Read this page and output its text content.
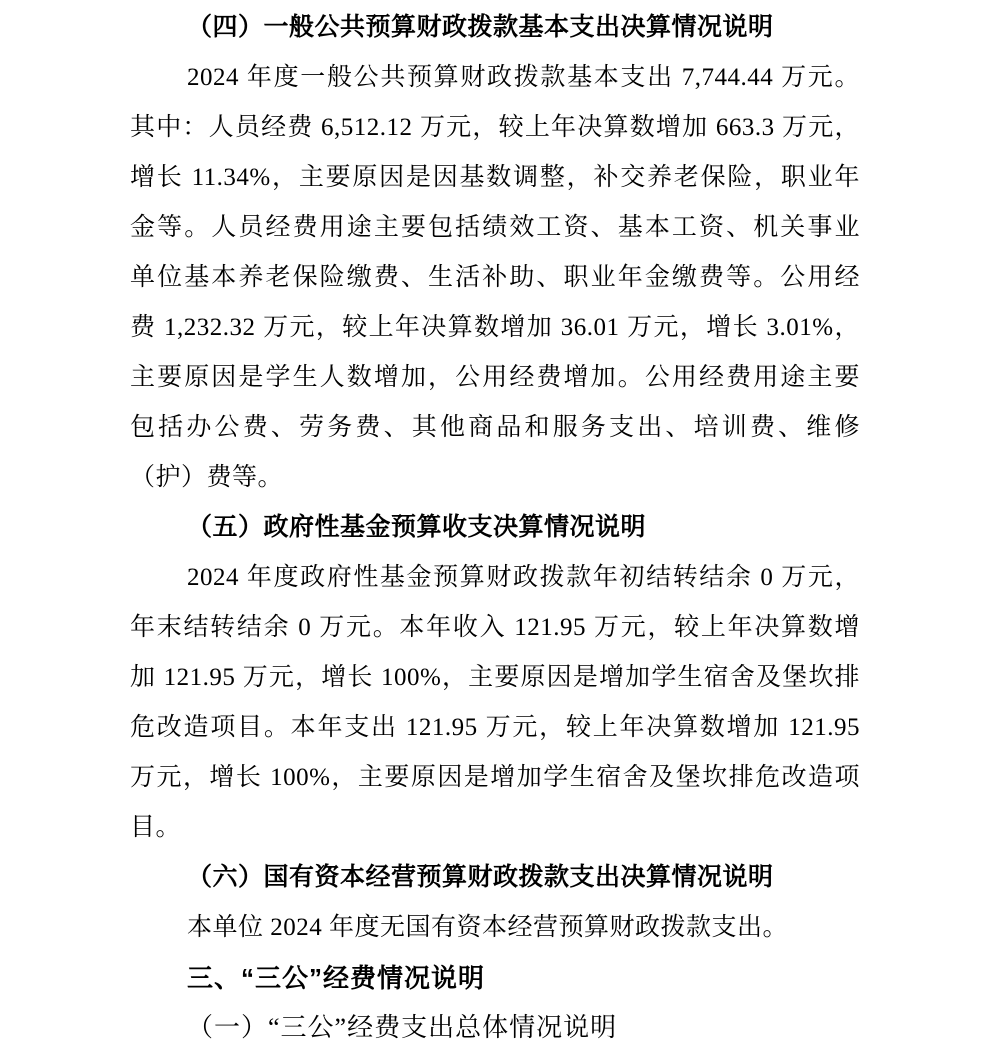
（四）一般公共预算财政拨款基本支出决算情况说明
2024 年度一般公共预算财政拨款基本支出 7,744.44 万元。
其中：人员经费 6,512.12 万元，较上年决算数增加 663.3 万元，
增长 11.34%，主要原因是因基数调整，补交养老保险，职业年
金等。人员经费用途主要包括绩效工资、基本工资、机关事业
单位基本养老保险缴费、生活补助、职业年金缴费等。公用经
费 1,232.32 万元，较上年决算数增加 36.01 万元，增长 3.01%，
主要原因是学生人数增加，公用经费增加。公用经费用途主要
包括办公费、劳务费、其他商品和服务支出、培训费、维修
（护）费等。
（五）政府性基金预算收支决算情况说明
2024 年度政府性基金预算财政拨款年初结转结余 0 万元，
年末结转结余 0 万元。本年收入 121.95 万元，较上年决算数增
加 121.95 万元，增长 100%，主要原因是增加学生宿舍及堡坎排
危改造项目。本年支出 121.95 万元，较上年决算数增加 121.95
万元，增长 100%，主要原因是增加学生宿舍及堡坎排危改造项
目。
（六）国有资本经营预算财政拨款支出决算情况说明
本单位 2024 年度无国有资本经营预算财政拨款支出。
三、“三公”经费情况说明
（一）“三公”经费支出总体情况说明
